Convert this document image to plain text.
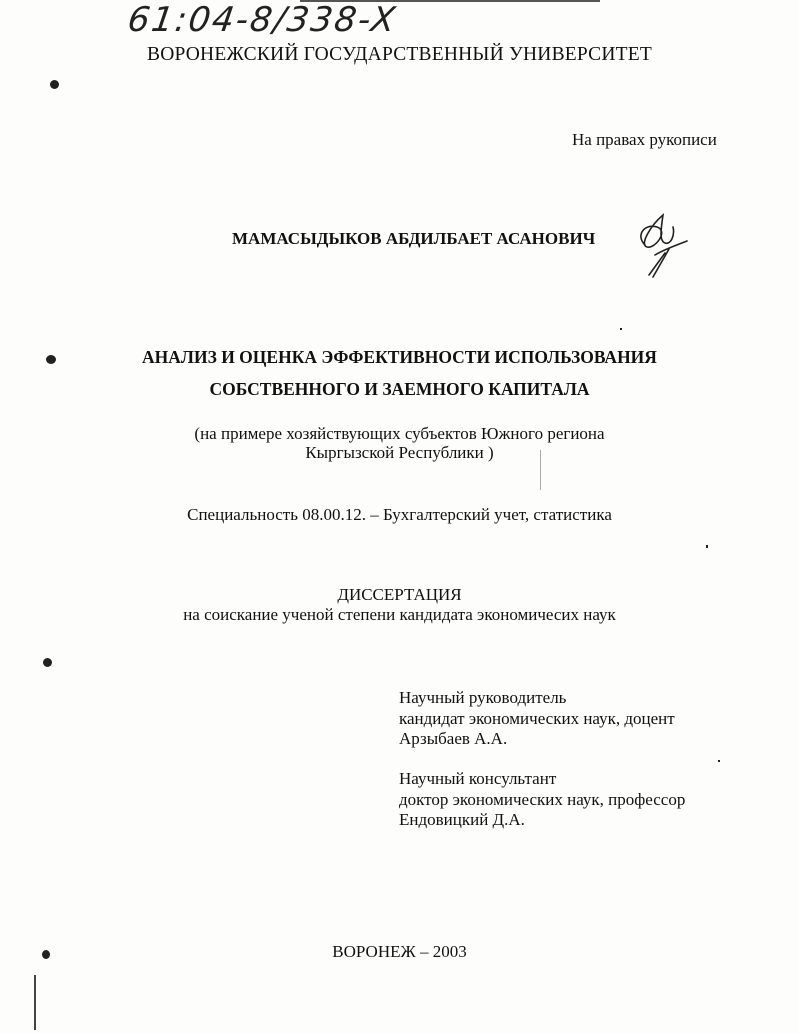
61:04-8/338-X
ВОРОНЕЖСКИЙ ГОСУДАРСТВЕННЫЙ УНИВЕРСИТЕТ
На правах рукописи
МАМАСЫДЫКОВ АБДИЛБАЕТ АСАНОВИЧ
АНАЛИЗ И ОЦЕНКА ЭФФЕКТИВНОСТИ ИСПОЛЬЗОВАНИЯ
СОБСТВЕННОГО И ЗАЕМНОГО КАПИТАЛА
(на примере хозяйствующих субъектов Южного региона
Кыргызской Республики )
Специальность 08.00.12. – Бухгалтерский учет, статистика
ДИССЕРТАЦИЯ
на соискание ученой степени кандидата экономичесих наук
Научный руководитель
кандидат экономических наук, доцент
Арзыбаев А.А.
Научный консультант
доктор экономических наук, профессор
Ендовицкий Д.А.
ВОРОНЕЖ – 2003
